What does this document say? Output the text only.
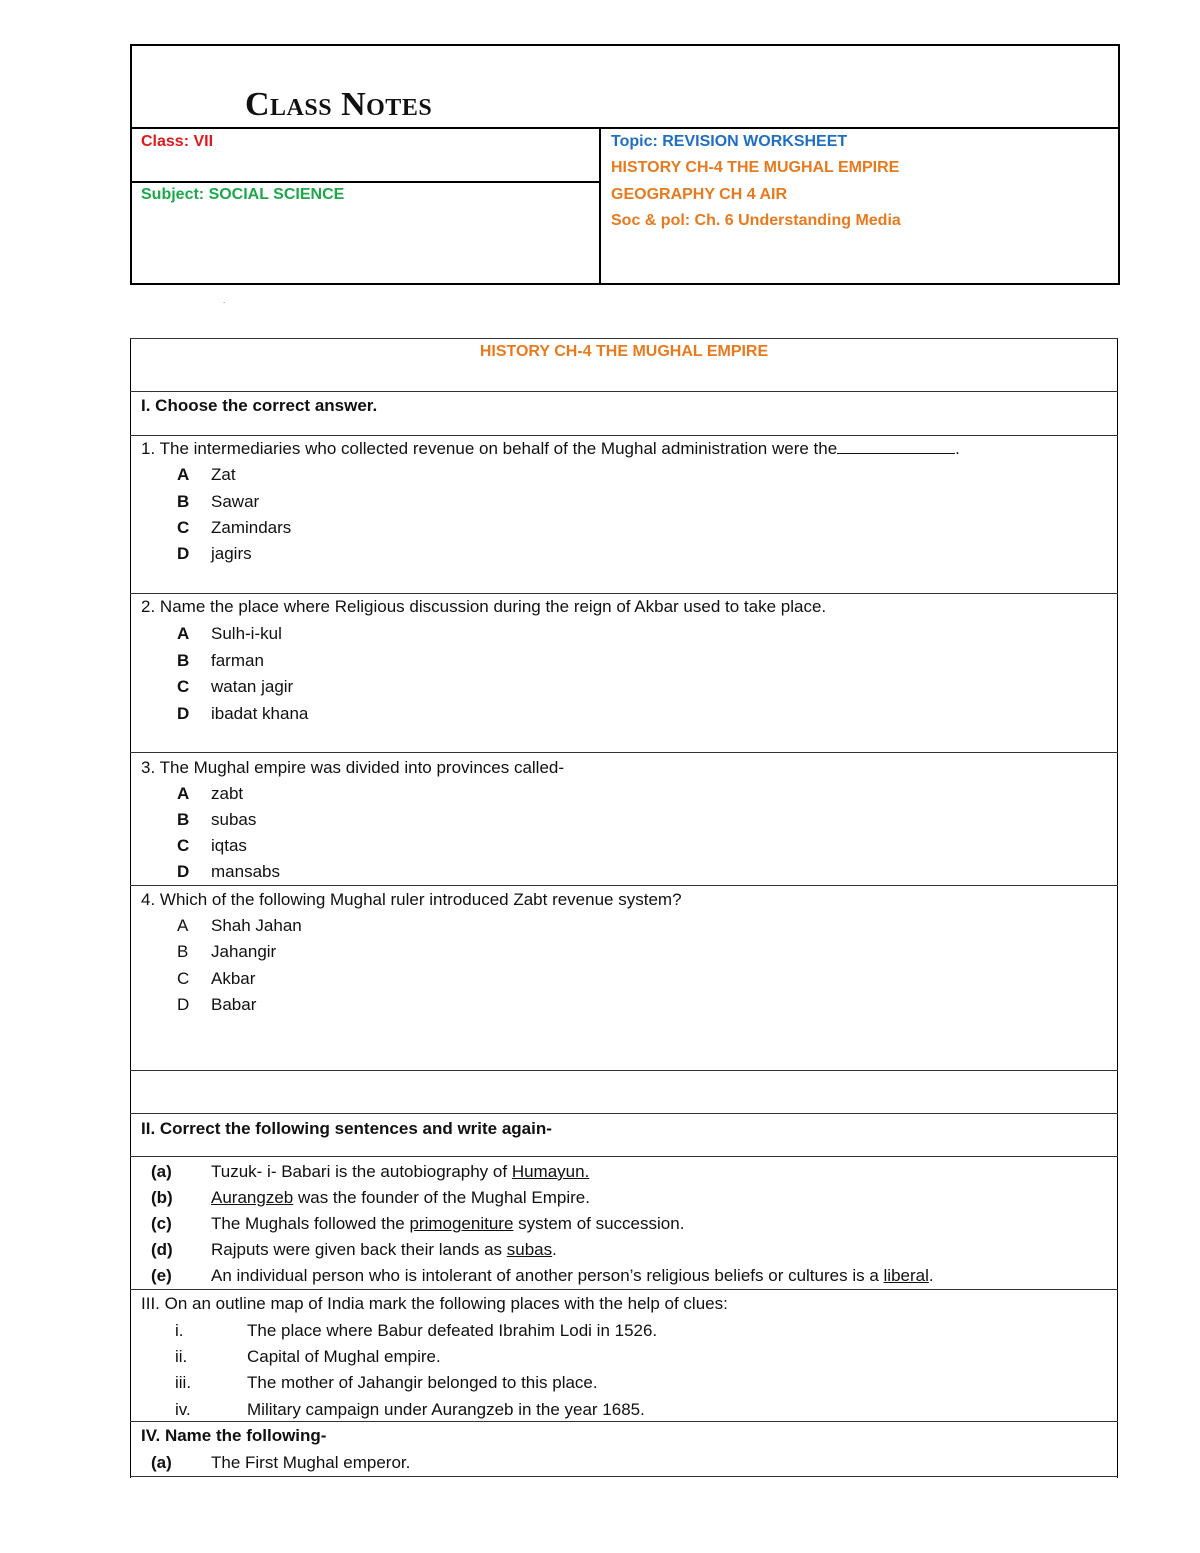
Class Notes
Class: VII
Subject: SOCIAL SCIENCE
Topic: REVISION WORKSHEET
HISTORY CH-4 THE MUGHAL EMPIRE
GEOGRAPHY CH 4 AIR
Soc & pol: Ch. 6 Understanding Media
.
HISTORY CH-4 THE MUGHAL EMPIRE
I. Choose the correct answer.
1. The intermediaries who collected revenue on behalf of the Mughal administration were the	.
A Zat
B Sawar
C Zamindars
D jagirs
2. Name the place where Religious discussion during the reign of Akbar used to take place.
A Sulh-i-kul
B farman
C watan jagir
D ibadat khana
3. The Mughal empire was divided into provinces called-
A zabt
B subas
C iqtas
D mansabs
4. Which of the following Mughal ruler introduced Zabt revenue system?
A Shah Jahan
B Jahangir
C Akbar
D Babar
II. Correct the following sentences and write again-
(a) Tuzuk- i- Babari is the autobiography of Humayun.
(b) Aurangzeb was the founder of the Mughal Empire.
(c) The Mughals followed the primogeniture system of succession.
(d) Rajputs were given back their lands as subas.
(e) An individual person who is intolerant of another person’s religious beliefs or cultures is a liberal.
III. On an outline map of India mark the following places with the help of clues:
i.	The place where Babur defeated Ibrahim Lodi in 1526.
ii.	Capital of Mughal empire.
iii.	The mother of Jahangir belonged to this place.
iv.	Military campaign under Aurangzeb in the year 1685.
IV. Name the following-
(a) The First Mughal emperor.
